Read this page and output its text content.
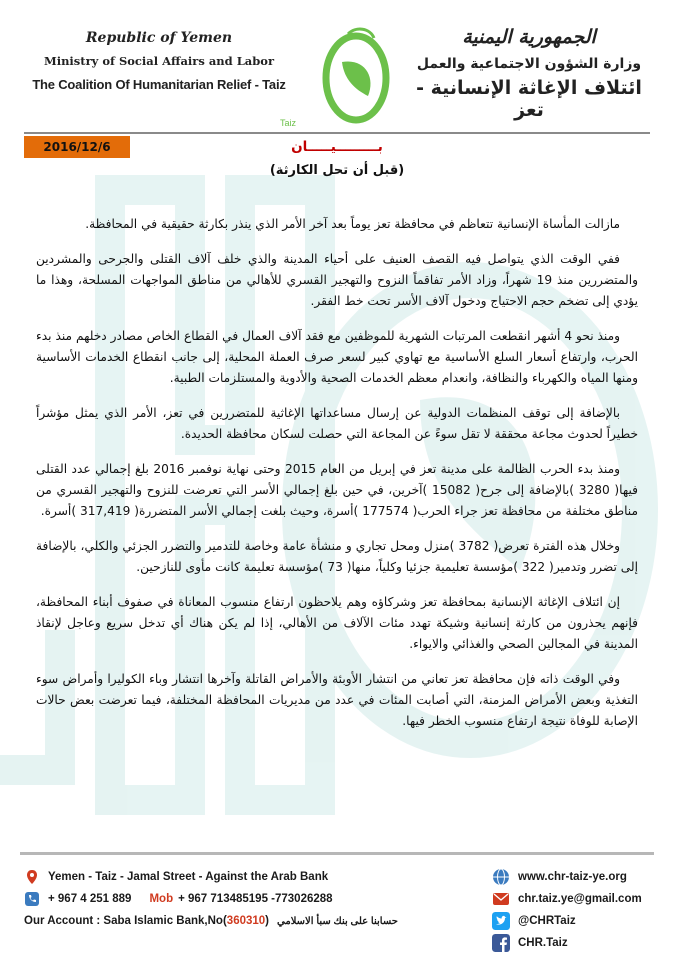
Republic of Yemen
Ministry of Social Affairs and Labor
The Coalition Of Humanitarian Relief - Taiz
Taiz
الجمهورية اليمنية
وزارة الشؤون الاجتماعية والعمل
ائتلاف الإغاثة الإنسانية - تعز
2016/12/6	بـــــــــيـــــان
(قبل أن تحل الكارثة)

مازالت المأساة الإنسانية تتعاظم في محافظة تعز يوماً بعد آخر الأمر الذي ينذر بكارثة حقيقية في المحافظة.

ففي الوقت الذي يتواصل فيه القصف العنيف على أحياء المدينة والذي خلف آلاف القتلى والجرحى والمشردين والمتضررين منذ 19 شهراً، وزاد الأمر تفاقماً النزوح والتهجير القسري للأهالي من مناطق المواجهات المسلحة، وهذا ما يؤدي إلى تضخم حجم الاحتياج ودخول آلاف الأسر تحت خط الفقر.

ومنذ نحو 4 أشهر انقطعت المرتبات الشهرية للموظفين مع فقد آلاف العمال في القطاع الخاص مصادر دخلهم منذ بدء الحرب، وارتفاع أسعار السلع الأساسية مع تهاوي كبير لسعر صرف العملة المحلية، إلى جانب انقطاع الخدمات الأساسية ومنها المياه والكهرباء والنظافة، وانعدام معظم الخدمات الصحية والأدوية والمستلزمات الطبية.

بالإضافة إلى توقف المنظمات الدولية عن إرسال مساعداتها الإغاثية للمتضررين في تعز، الأمر الذي يمثل مؤشراً خطيراً لحدوث مجاعة محققة لا تقل سوءً عن المجاعة التي حصلت لسكان محافظة الحديدة.

ومنذ بدء الحرب الظالمة على مدينة تعز في إبريل من العام 2015 وحتى نهاية نوفمبر 2016 بلغ إجمالي عدد القتلى فيها( 3280 )بالإضافة إلى جرح( 15082 )آخرين، في حين بلغ إجمالي الأسر التي تعرضت للنزوح والتهجير القسري من مناطق مختلفة من محافظة تعز جراء الحرب( 177574 )أسرة، وحيث بلغت إجمالي الأسر المتضررة( 317,419 )أسرة.

وخلال هذه الفترة تعرض( 3782 )منزل ومحل تجاري و منشأة عامة وخاصة للتدمير والتضرر الجزئي والكلي، بالإضافة إلى تضرر وتدمير( 322 )مؤسسة تعليمية جزئيا وكلياً، منها( 73 )مؤسسة تعليمة كانت مأوى للنازحين.

إن ائتلاف الإغاثة الإنسانية بمحافظة تعز وشركاؤه وهم يلاحظون ارتفاع منسوب المعاناة في صفوف أبناء المحافظة، فإنهم يحذرون من كارثة إنسانية وشيكة تهدد مئات الآلاف من الأهالي، إذا لم يكن هناك أي تدخل سريع وعاجل لإنقاذ المدينة في المجالين الصحي والغذائي والايواء.

وفي الوقت ذاته فإن محافظة تعز تعاني من انتشار الأوبئة والأمراض القاتلة وآخرها انتشار وباء الكوليرا وأمراض سوء التغذية وبعض الأمراض المزمنة، التي أصابت المئات في عدد من مديريات المحافظة المختلفة، فيما تعرضت بعض حالات الإصابة للوفاة نتيجة ارتفاع منسوب الخطر فيها.

Yemen - Taiz - Jamal Street - Against the Arab Bank
+ 967 4 251 889 Mob + 967 713485195 -773026288
Our Account : Saba Islamic Bank,No( 360310 ) حسابنا على بنك سبأ الاسلامي
www.chr-taiz-ye.org
chr.taiz.ye@gmail.com
@CHRTaiz
CHR.Taiz
